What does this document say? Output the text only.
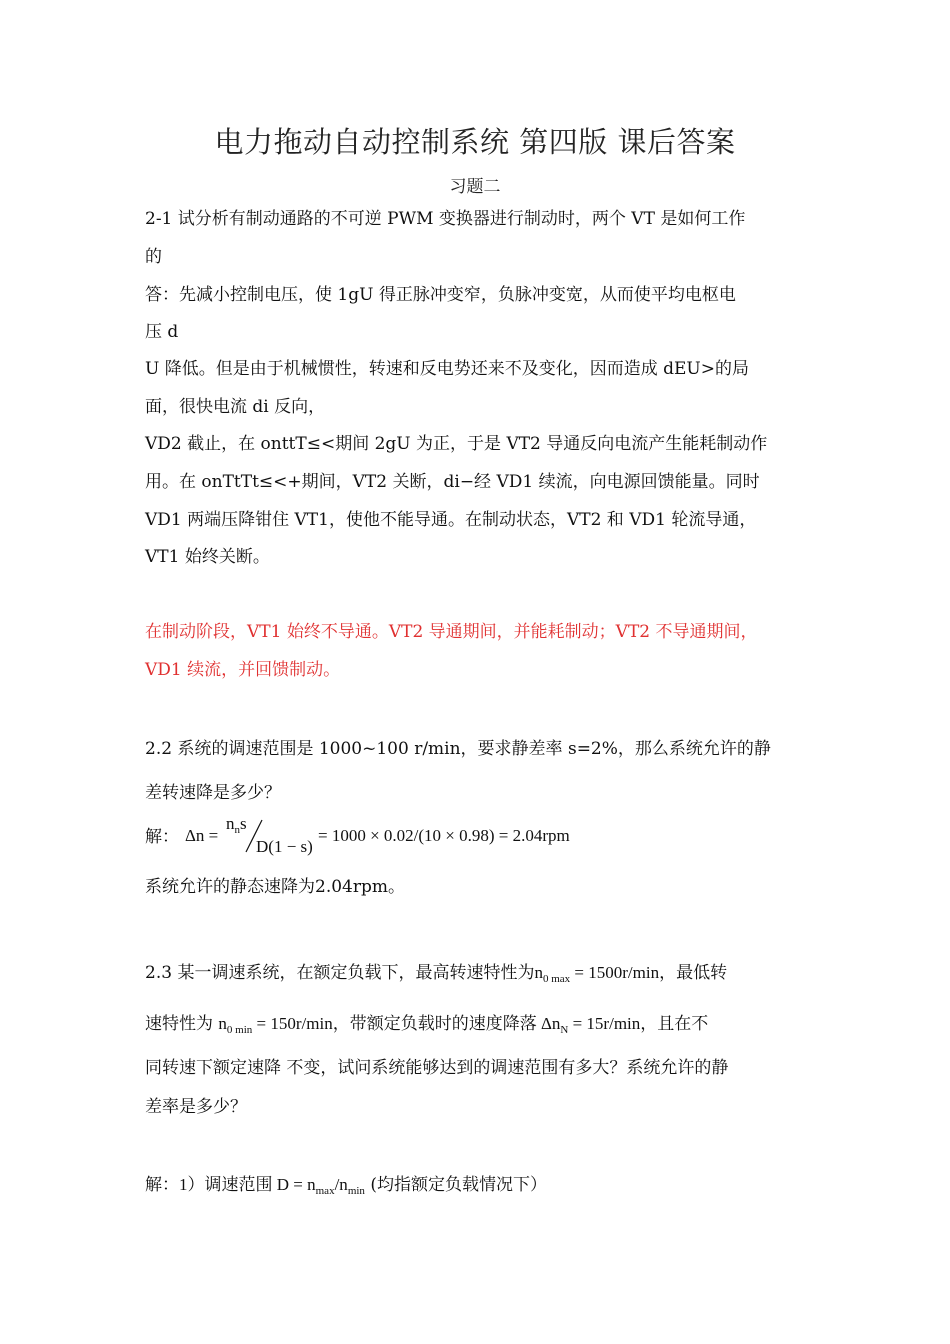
电力拖动自动控制系统 第四版 课后答案
习题二
2-1 试分析有制动通路的不可逆 PWM 变换器进行制动时，两个 VT 是如何工作
的
答：先减小控制电压，使 1gU 得正脉冲变窄，负脉冲变宽，从而使平均电枢电
压 d
U 降低。但是由于机械惯性，转速和反电势还来不及变化，因而造成 dEU>的局
面，很快电流 di 反向，
VD2 截止，在 onttT≤<期间 2gU 为正，于是 VT2 导通反向电流产生能耗制动作
用。在 onTtTt≤<+期间，VT2 关断，di−经 VD1 续流，向电源回馈能量。同时
VD1 两端压降钳住 VT1，使他不能导通。在制动状态，VT2 和 VD1 轮流导通，
VT1 始终关断。
在制动阶段，VT1 始终不导通。VT2 导通期间，并能耗制动；VT2 不导通期间，
VD1 续流，并回馈制动。
2.2 系统的调速范围是 1000~100 r/min，要求静差率 s=2%，那么系统允许的静
差转速降是多少？
解： Δn =
$n_ns$
D(1 − s)
= 1000 × 0.02/(10 × 0.98) = 2.04rpm
系统允许的静态速降为2.04rpm。
2.3 某一调速系统，在额定负载下，最高转速特性为$n_{0 max} = 1500r/\min$，最低转
速特性为 $n_{0 min} = 150r/\min$，带额定负载时的速度降落 $\Delta n_N = 15r/\min$，且在不
同转速下额定速降 不变，试问系统能够达到的调速范围有多大？系统允许的静
差率是多少？
解：1）调速范围 $D = n_{max}/n_{min}$ (均指额定负载情况下）
